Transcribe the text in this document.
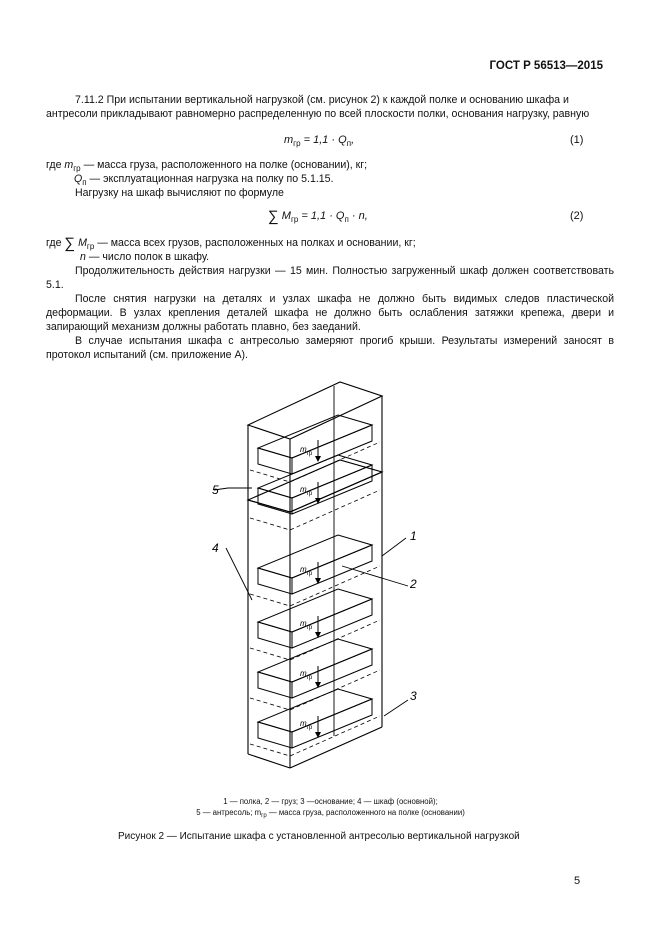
ГОСТ Р 56513—2015

7.11.2 При испытании вертикальной нагрузкой (см. рисунок 2) к каждой полке и основанию шкафа и антресоли прикладывают равномерно распределенную по всей плоскости полки, основания нагрузку, равную

$m_{гр} = 1,1 \cdot Q_п$,	(1)
где $m_{гр}$ — масса груза, расположенного на полке (основании), кг;
$Q_п$ — эксплуатационная нагрузка на полку по 5.1.15.

Нагрузку на шкаф вычисляют по формуле

∑ $M_{гр} = 1,1 \cdot Q_п \cdot n$,	(2)
где ∑ $M_{гр}$ — масса всех грузов, расположенных на полках и основании, кг;
n — число полок в шкафу.

Продолжительность действия нагрузки — 15 мин. Полностью загруженный шкаф должен соответствовать 5.1.

После снятия нагрузки на деталях и узлах шкафа не должно быть видимых следов пластической деформации. В узлах крепления деталей шкафа не должно быть ослабления затяжки крепежа, двери и запирающий механизм должны работать плавно, без заеданий.

В случае испытания шкафа с антресолью замеряют прогиб крыши. Результаты измерений заносят в протокол испытаний (см. приложение А).

$m_{гр}$
$m_{гр}$
$m_{гр}$
$m_{гр}$
$m_{гр}$
$m_{гр}$
1
2
3
4
5
1 — полка, 2 — груз; 3 —основание; 4 — шкаф (основной);
5 — антресоль; $m_{гр}$ — масса груза, расположенного на полке (основании)
Рисунок 2 — Испытание шкафа с установленной антресолью вертикальной нагрузкой
5
